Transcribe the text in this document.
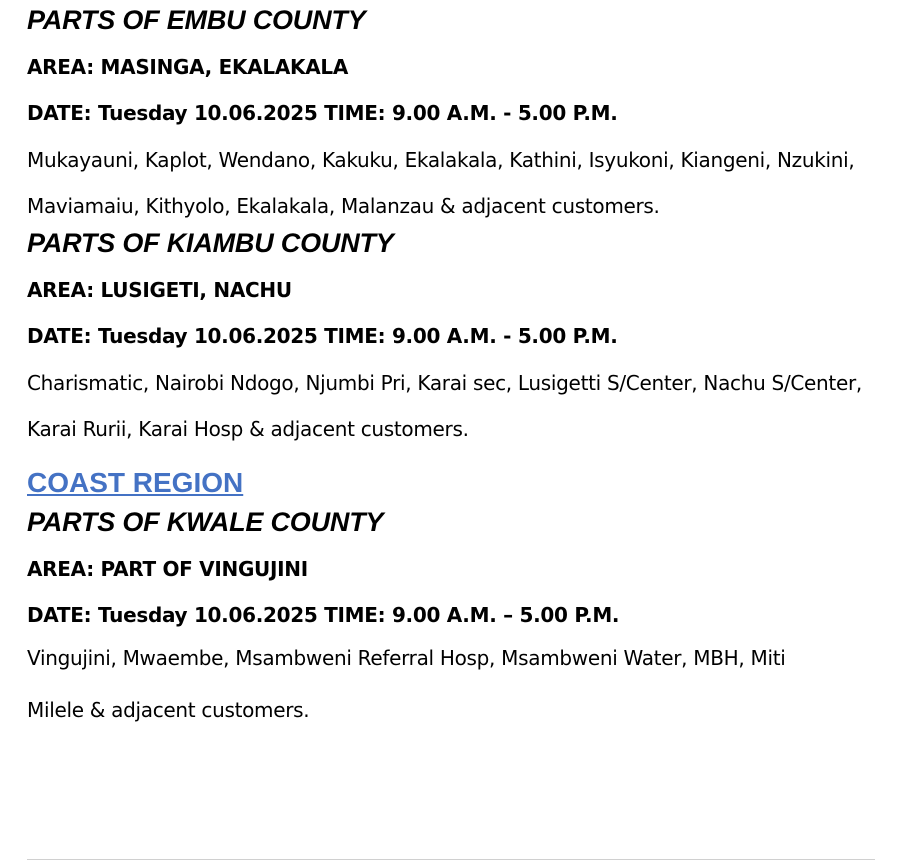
PARTS OF EMBU COUNTY
AREA: MASINGA, EKALAKALA
DATE: Tuesday 10.06.2025 TIME: 9.00 A.M. - 5.00 P.M.
Mukayauni, Kaplot, Wendano, Kakuku, Ekalakala, Kathini, Isyukoni, Kiangeni, Nzukini, Maviamaiu, Kithyolo, Ekalakala, Malanzau & adjacent customers.
PARTS OF KIAMBU COUNTY
AREA: LUSIGETI, NACHU
DATE: Tuesday 10.06.2025 TIME: 9.00 A.M. - 5.00 P.M.
Charismatic, Nairobi Ndogo, Njumbi Pri, Karai sec, Lusigetti S/Center, Nachu S/Center, Karai Rurii, Karai Hosp & adjacent customers.
COAST REGION
PARTS OF KWALE COUNTY
AREA: PART OF VINGUJINI
DATE: Tuesday 10.06.2025 TIME: 9.00 A.M. – 5.00 P.M.
Vingujini, Mwaembe, Msambweni Referral Hosp, Msambweni Water, MBH, Miti
Milele & adjacent customers.
